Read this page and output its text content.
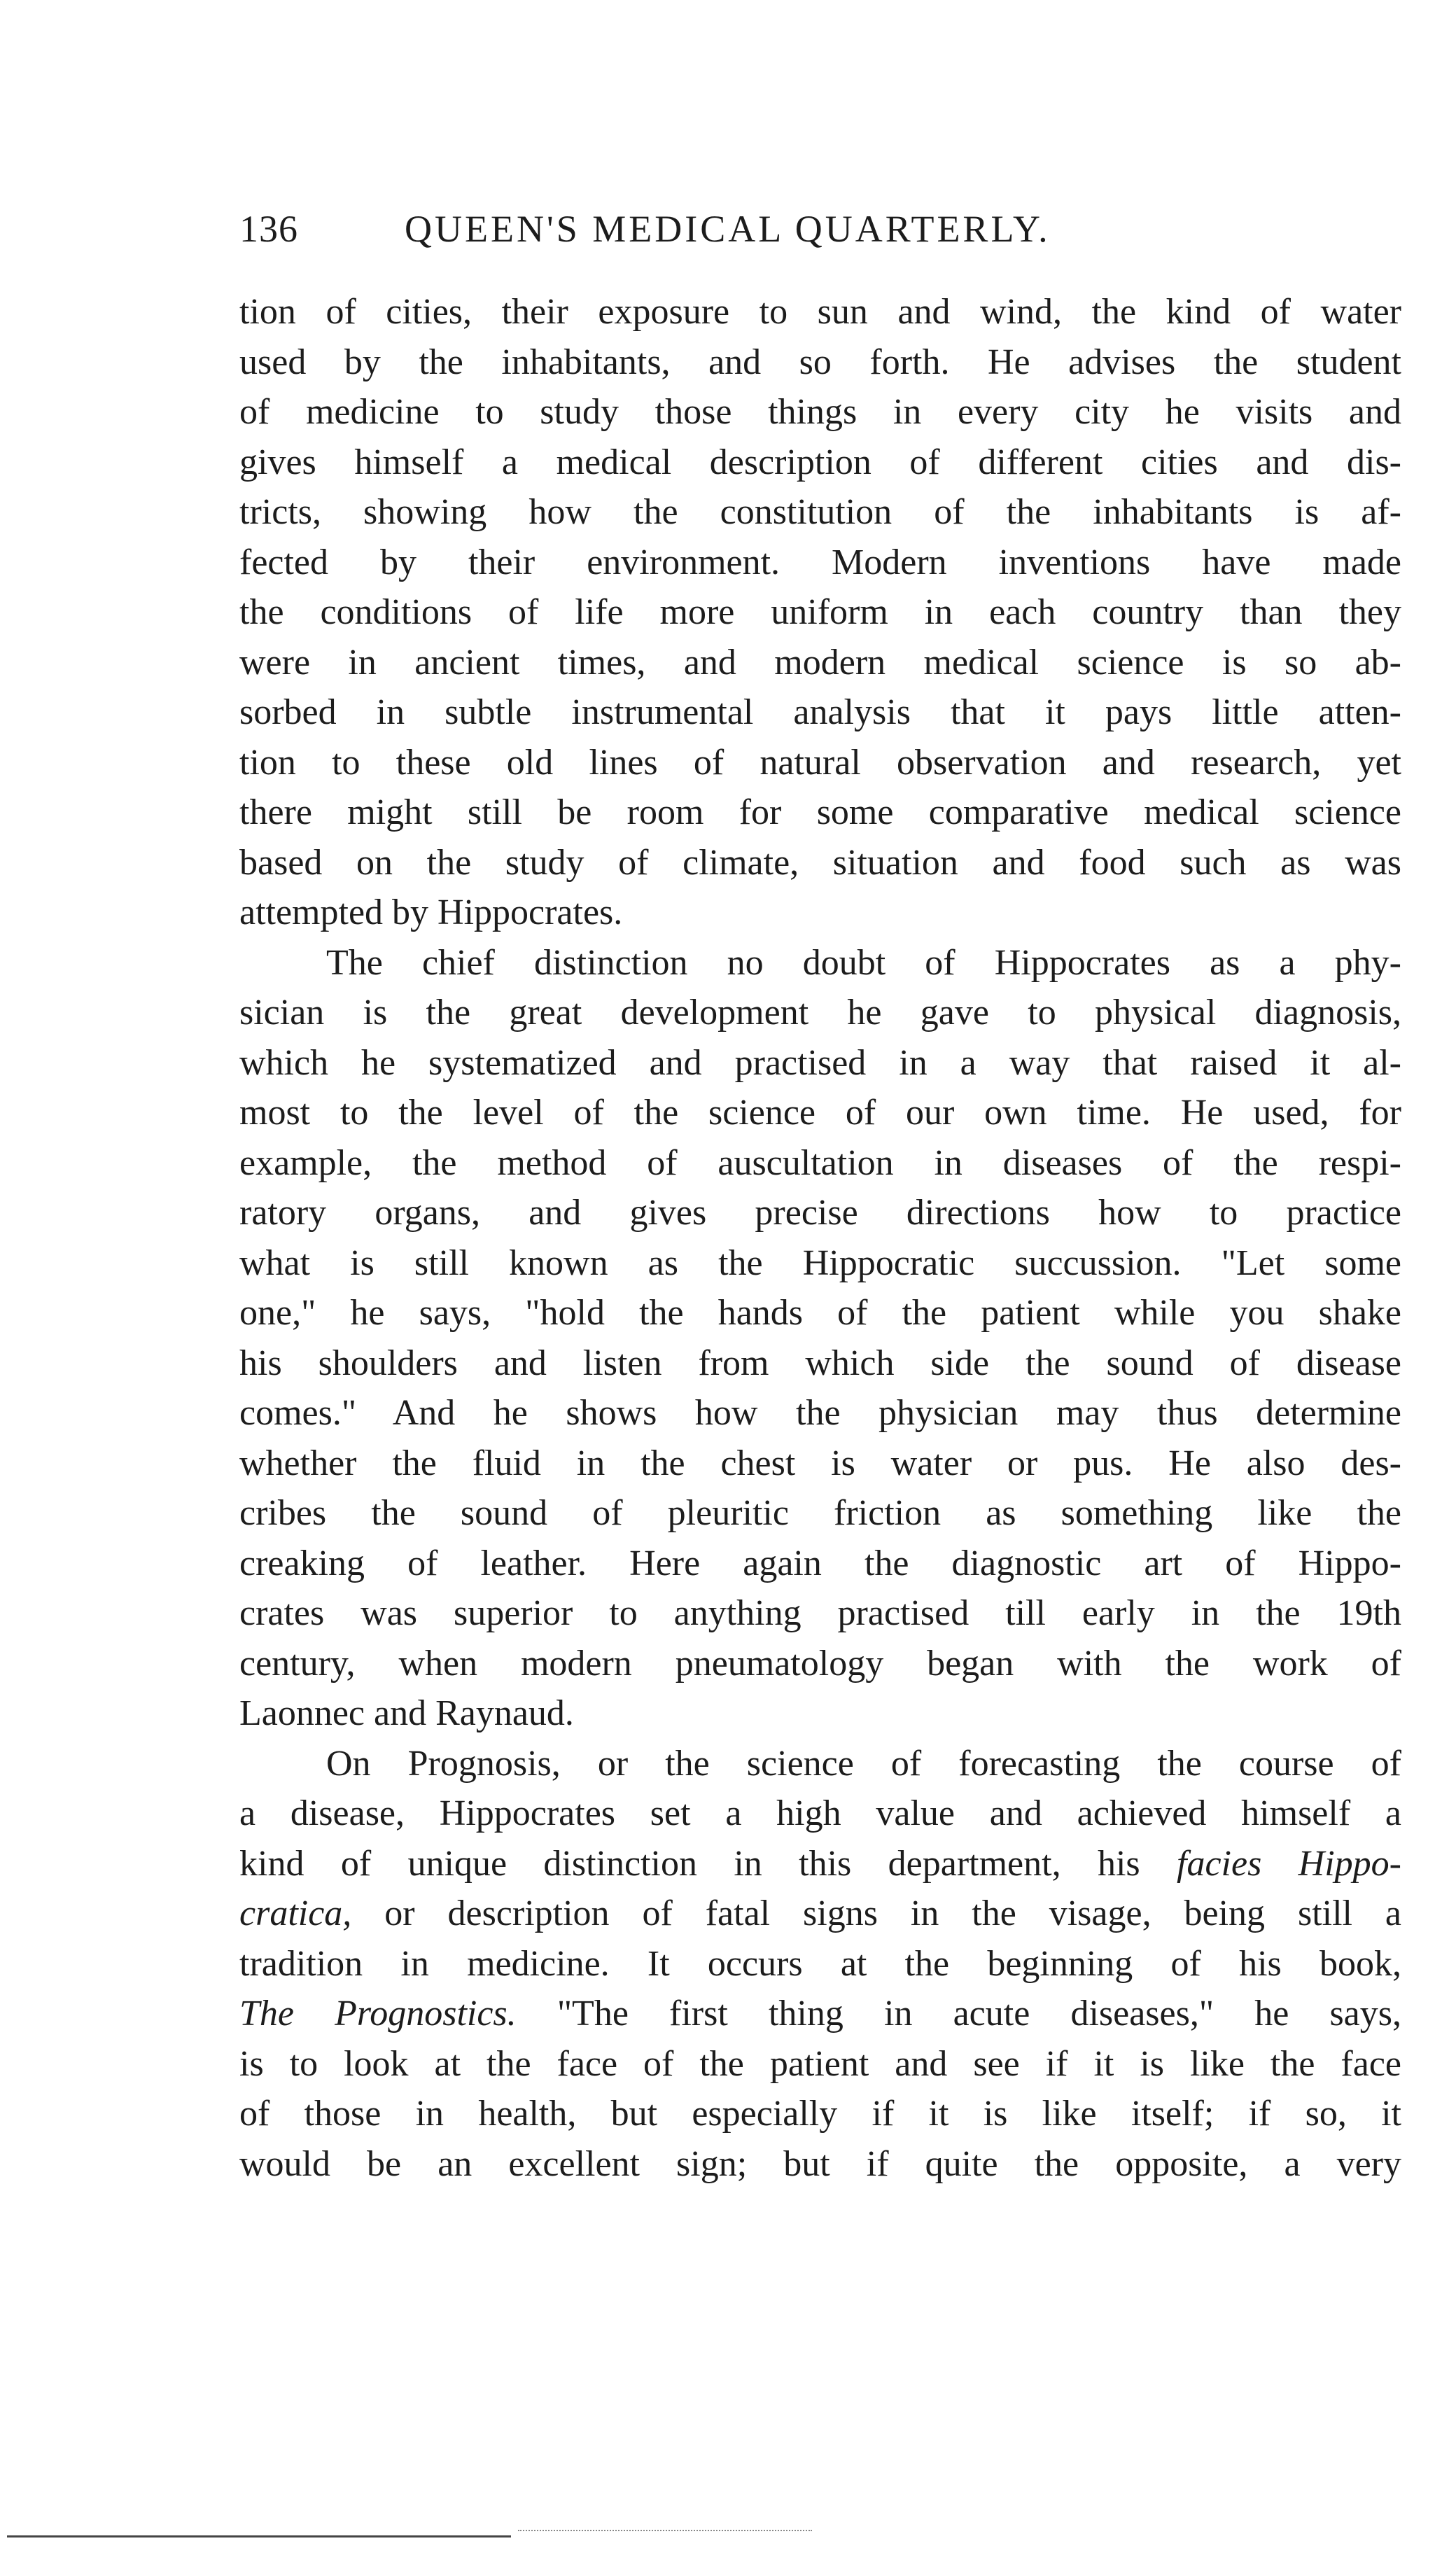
136	QUEEN'S MEDICAL QUARTERLY.
tion of cities, their exposure to sun and wind, the kind of water
used by the inhabitants, and so forth. He advises the student
of medicine to study those things in every city he visits and
gives himself a medical description of different cities and dis-
tricts, showing how the constitution of the inhabitants is af-
fected by their environment. Modern inventions have made
the conditions of life more uniform in each country than they
were in ancient times, and modern medical science is so ab-
sorbed in subtle instrumental analysis that it pays little atten-
tion to these old lines of natural observation and research, yet
there might still be room for some comparative medical science
based on the study of climate, situation and food such as was
attempted by Hippocrates.
The chief distinction no doubt of Hippocrates as a phy-
sician is the great development he gave to physical diagnosis,
which he systematized and practised in a way that raised it al-
most to the level of the science of our own time. He used, for
example, the method of auscultation in diseases of the respi-
ratory organs, and gives precise directions how to practice
what is still known as the Hippocratic succussion. "Let some
one," he says, "hold the hands of the patient while you shake
his shoulders and listen from which side the sound of disease
comes." And he shows how the physician may thus determine
whether the fluid in the chest is water or pus. He also des-
cribes the sound of pleuritic friction as something like the
creaking of leather. Here again the diagnostic art of Hippo-
crates was superior to anything practised till early in the 19th
century, when modern pneumatology began with the work of
Laonnec and Raynaud.
On Prognosis, or the science of forecasting the course of
a disease, Hippocrates set a high value and achieved himself a
kind of unique distinction in this department, his facies Hippo-
cratica, or description of fatal signs in the visage, being still a
tradition in medicine. It occurs at the beginning of his book,
The Prognostics. "The first thing in acute diseases," he says,
is to look at the face of the patient and see if it is like the face
of those in health, but especially if it is like itself; if so, it
would be an excellent sign; but if quite the opposite, a very
